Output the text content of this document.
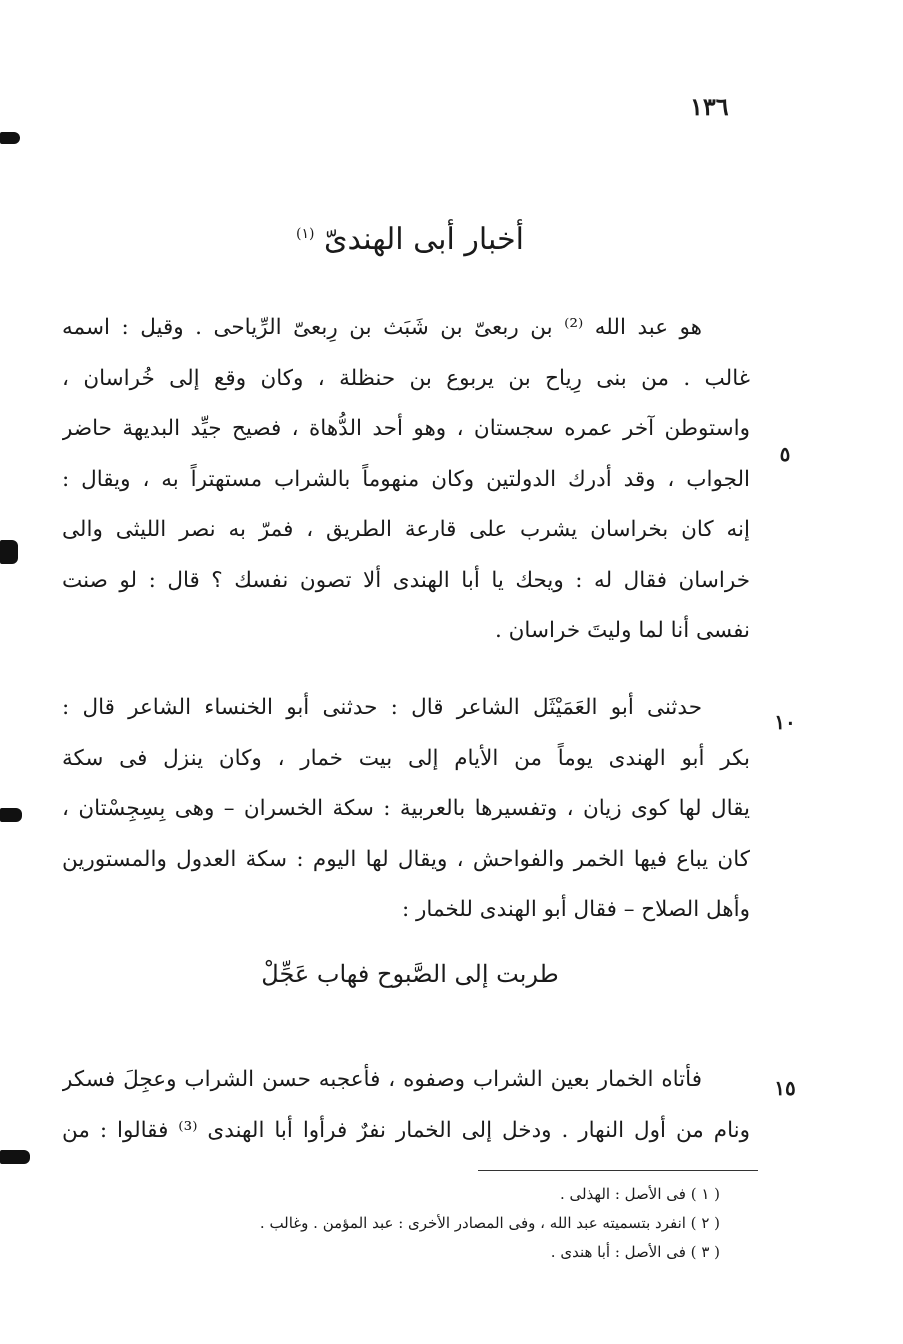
١٣٦
أخبار أبى الهندىّ $^{(١)}$
هو عبد الله ⁽²⁾ بن ربعىّ بن شَبَث بن رِبعىّ الرِّياحى . وقيل : اسمه
غالب . من بنى رِياح بن يربوع بن حنظلة ، وكان وقع إلى خُراسان ،
واستوطن آخر عمره سجستان ، وهو أحد الدُّهاة ، فصيح جيِّد البديهة حاضر
الجواب ، وقد أدرك الدولتين وكان منهوماً بالشراب مستهتراً به ، ويقال :
إنه كان بخراسان يشرب على قارعة الطريق ، فمرّ به نصر الليثى والى
خراسان فقال له : ويحك يا أبا الهندى ألا تصون نفسك ؟ قال : لو صنت
نفسى أنا لما وليتَ خراسان .
حدثنى أبو العَمَيْثَل الشاعر قال : حدثنى أبو الخنساء الشاعر قال :
بكر أبو الهندى يوماً من الأيام إلى بيت خمار ، وكان ينزل فى سكة
يقال لها كوى زيان ، وتفسيرها بالعربية : سكة الخسران – وهى بِسِجِسْتان ،
كان يباع فيها الخمر والفواحش ، ويقال لها اليوم : سكة العدول والمستورين
وأهل الصلاح – فقال أبو الهندى للخمار :
طربت إلى الصَّبوح فهاب عَجِّلْ
فأتاه الخمار بعين الشراب وصفوه ، فأعجبه حسن الشراب وعجِلَ فسكر
ونام من أول النهار . ودخل إلى الخمار نفرٌ فرأوا أبا الهندى ⁽³⁾ فقالوا : من
٥
١٠
١٥
( ١ ) فى الأصل : الهذلى .
( ٢ ) انفرد بتسميته عبد الله ، وفى المصادر الأخرى : عبد المؤمن . وغالب .
( ٣ ) فى الأصل : أبا هندى .
